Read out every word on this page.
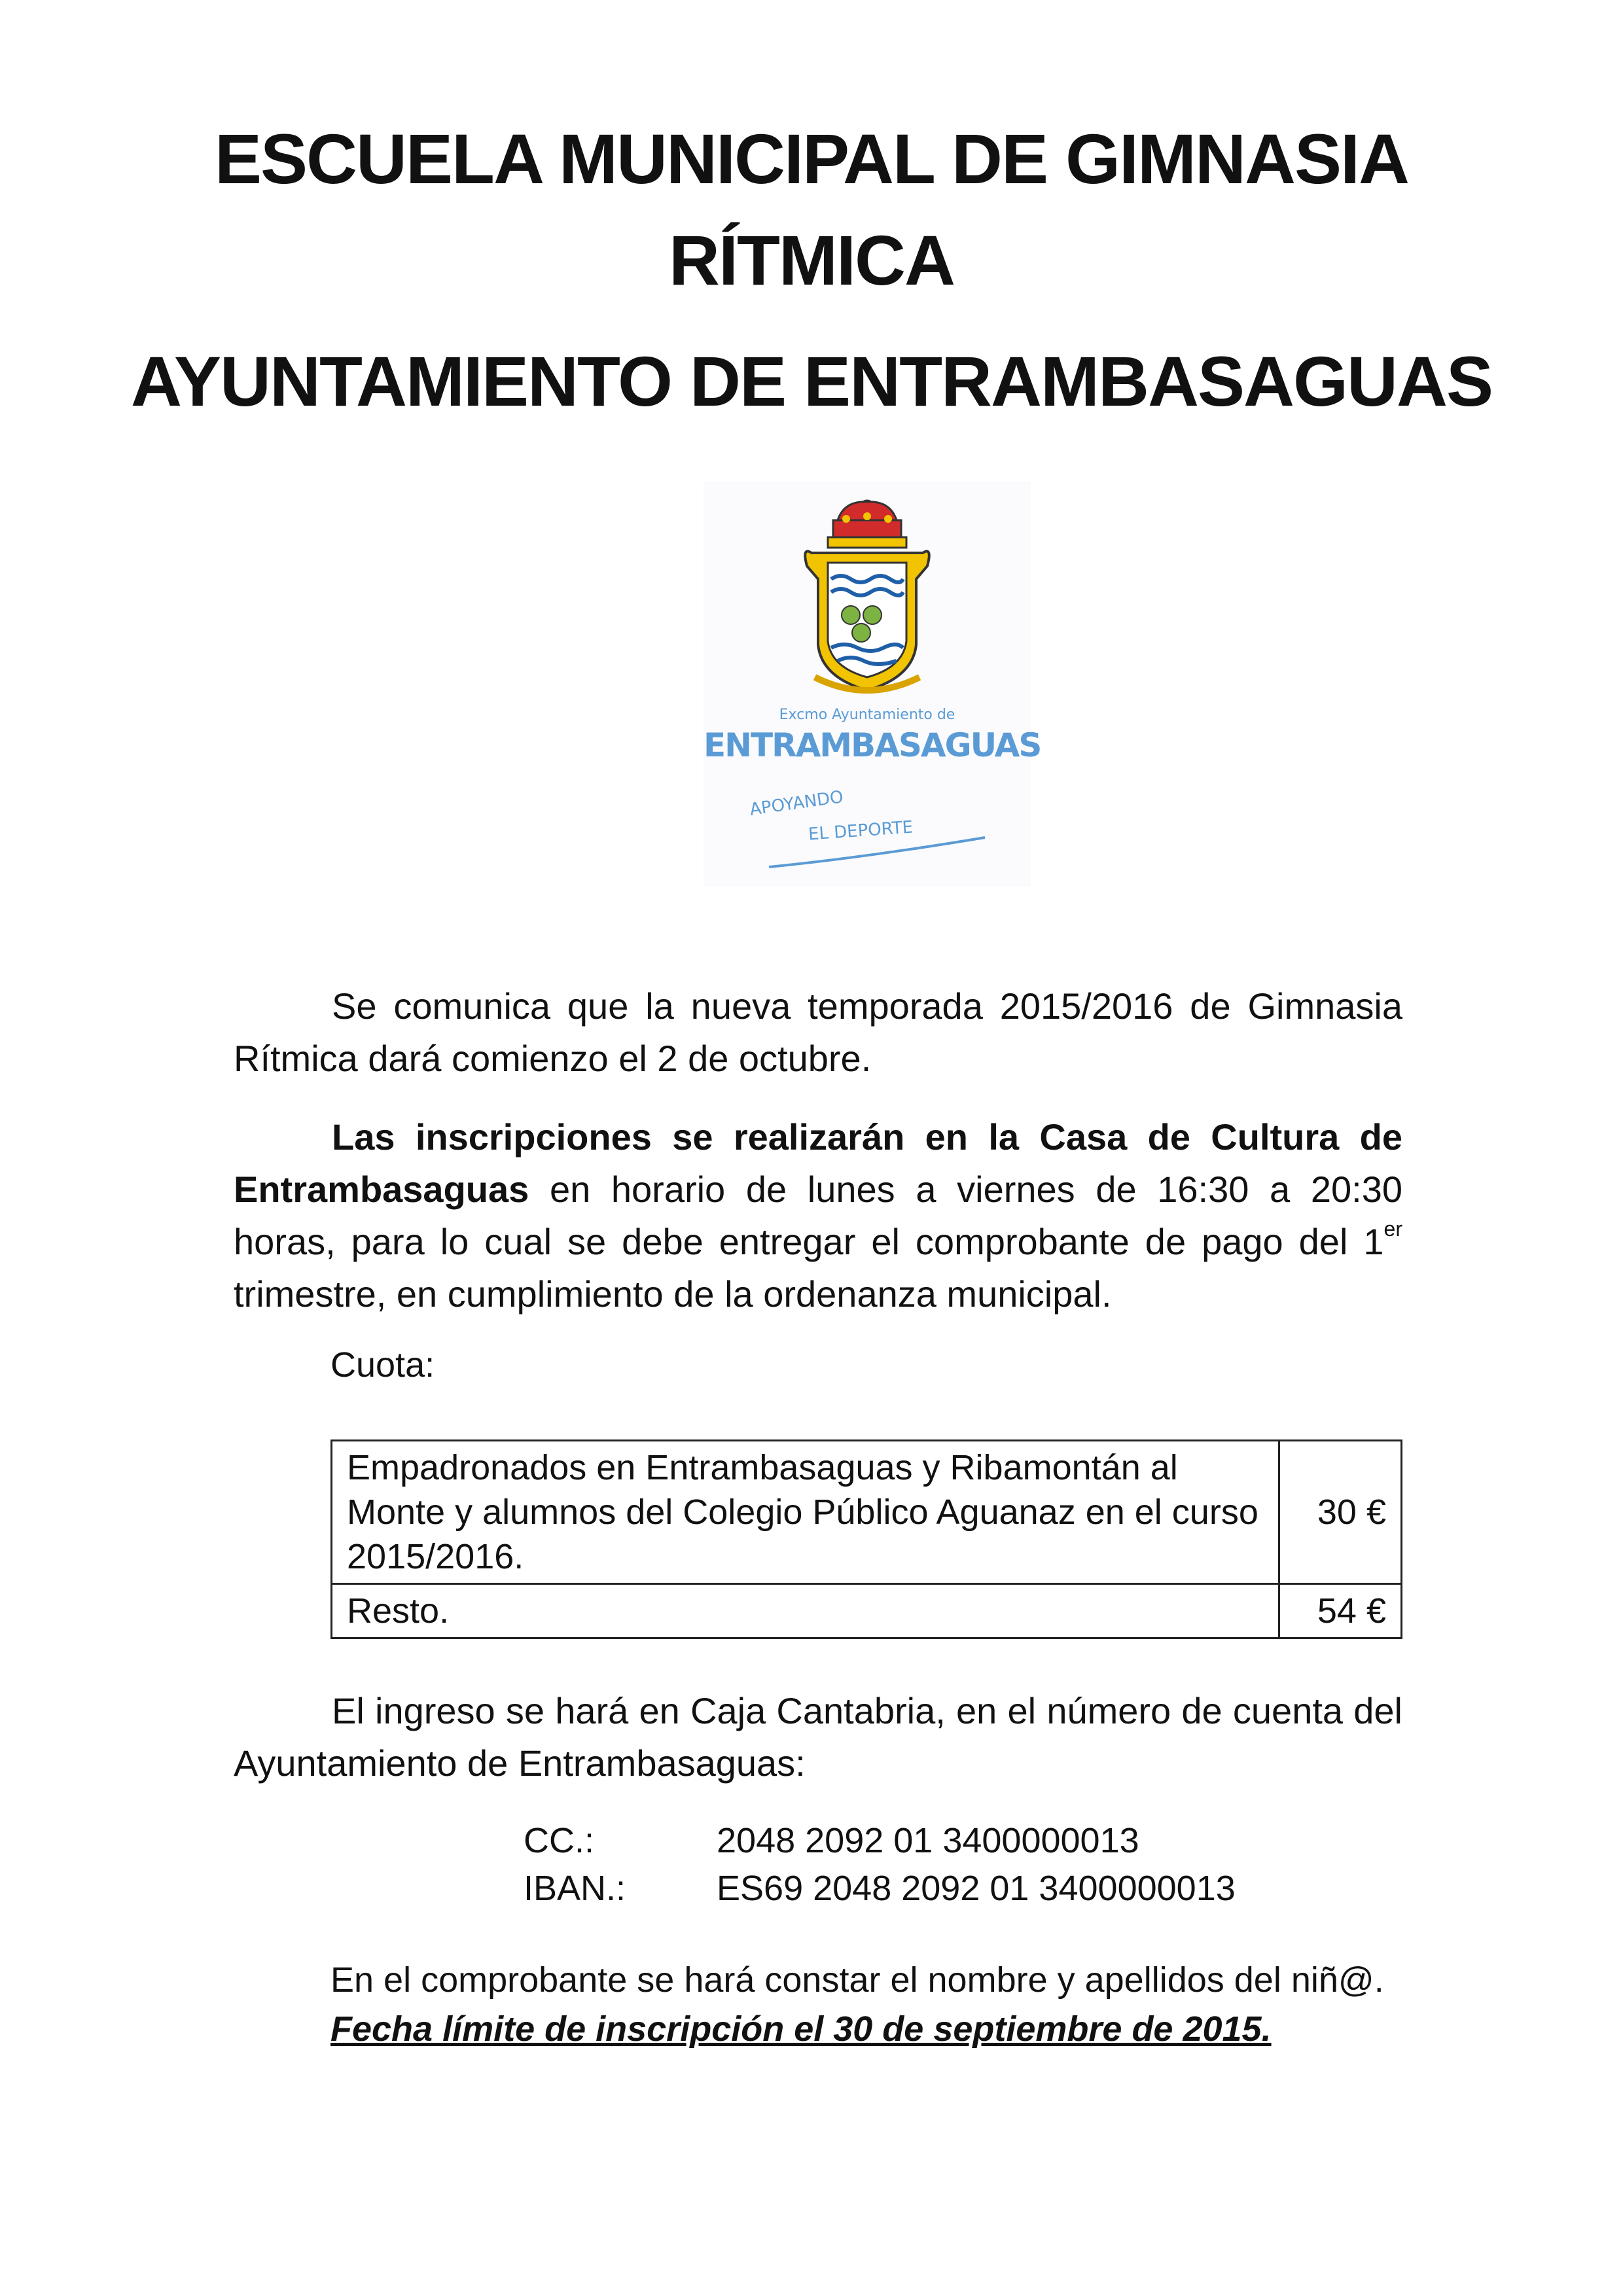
ESCUELA MUNICIPAL DE GIMNASIA
RÍTMICA
AYUNTAMIENTO DE ENTRAMBASAGUAS
Excmo Ayuntamiento de
ENTRAMBASAGUAS
APOYANDO
EL DEPORTE

Se comunica que la nueva temporada 2015/2016 de Gimnasia Rítmica dará comienzo el 2 de octubre.

Las inscripciones se realizarán en la Casa de Cultura de Entrambasaguas en horario de lunes a viernes de 16:30 a 20:30 horas, para lo cual se debe entregar el comprobante de pago del 1er trimestre, en cumplimiento de la ordenanza municipal.

Cuota:

Empadronados en Entrambasaguas y Ribamontán al Monte y alumnos del Colegio Público Aguanaz en el curso 2015/2016.	30 €
Resto.	54 €

El ingreso se hará en Caja Cantabria, en el número de cuenta del Ayuntamiento de Entrambasaguas:

CC.:	2048 2092 01 3400000013

IBAN.:	ES69 2048 2092 01 3400000013

En el comprobante se hará constar el nombre y apellidos del niñ@.

Fecha límite de inscripción el 30 de septiembre de 2015.
